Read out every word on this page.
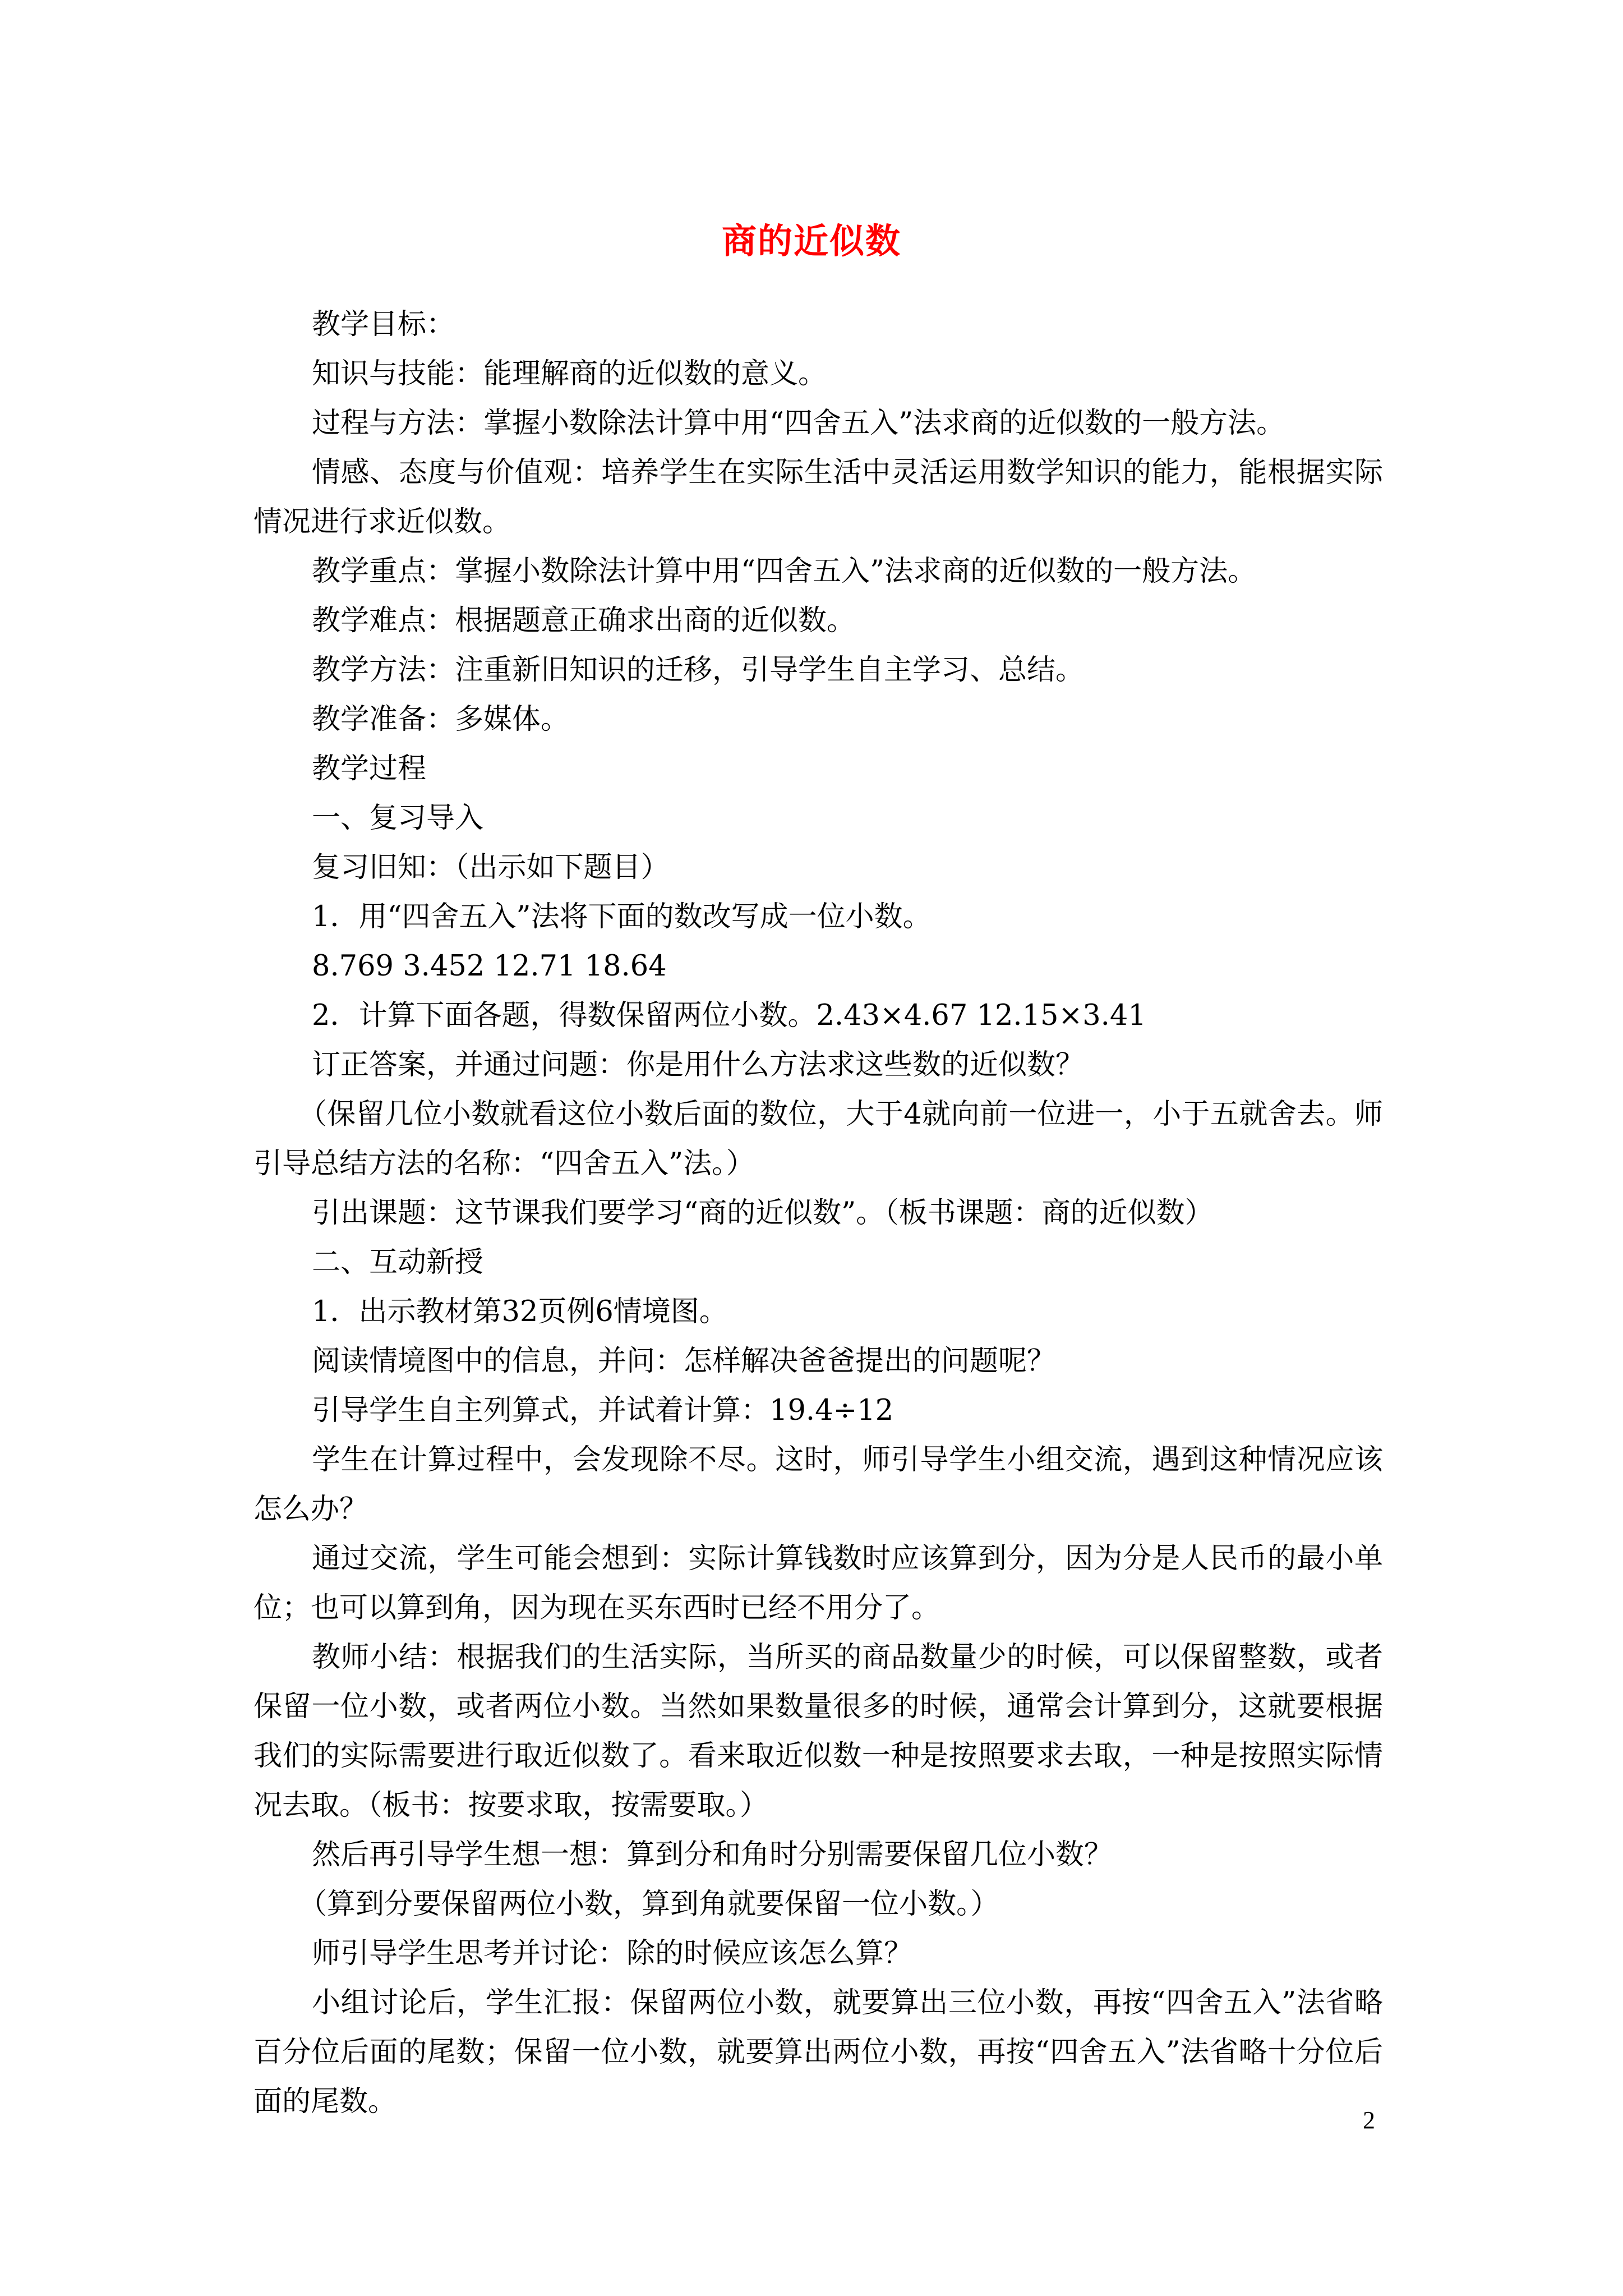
商的近似数
教学目标：
知识与技能：能理解商的近似数的意义。
过程与方法：掌握小数除法计算中用“四舍五入”法求商的近似数的一般方法。
情感、态度与价值观：培养学生在实际生活中灵活运用数学知识的能力，能根据实际情况进行求近似数。
教学重点：掌握小数除法计算中用“四舍五入”法求商的近似数的一般方法。
教学难点：根据题意正确求出商的近似数。
教学方法：注重新旧知识的迁移，引导学生自主学习、总结。
教学准备：多媒体。
教学过程
一、复习导入
复习旧知：（出示如下题目）
1．用“四舍五入”法将下面的数改写成一位小数。
8.769 3.452 12.71 18.64
2．计算下面各题，得数保留两位小数。2.43×4.67 12.15×3.41
订正答案，并通过问题：你是用什么方法求这些数的近似数？
（保留几位小数就看这位小数后面的数位，大于4就向前一位进一，小于五就舍去。师引导总结方法的名称：“四舍五入”法。）
引出课题：这节课我们要学习“商的近似数”。（板书课题：商的近似数）
二、互动新授
1．出示教材第32页例6情境图。
阅读情境图中的信息，并问：怎样解决爸爸提出的问题呢？
引导学生自主列算式，并试着计算：19.4÷12
学生在计算过程中，会发现除不尽。这时，师引导学生小组交流，遇到这种情况应该怎么办？
通过交流，学生可能会想到：实际计算钱数时应该算到分，因为分是人民币的最小单位；也可以算到角，因为现在买东西时已经不用分了。
教师小结：根据我们的生活实际，当所买的商品数量少的时候，可以保留整数，或者保留一位小数，或者两位小数。当然如果数量很多的时候，通常会计算到分，这就要根据我们的实际需要进行取近似数了。看来取近似数一种是按照要求去取，一种是按照实际情况去取。（板书：按要求取，按需要取。）
然后再引导学生想一想：算到分和角时分别需要保留几位小数？
（算到分要保留两位小数，算到角就要保留一位小数。）
师引导学生思考并讨论：除的时候应该怎么算？
小组讨论后，学生汇报：保留两位小数，就要算出三位小数，再按“四舍五入”法省略百分位后面的尾数；保留一位小数，就要算出两位小数，再按“四舍五入”法省略十分位后面的尾数。
2
